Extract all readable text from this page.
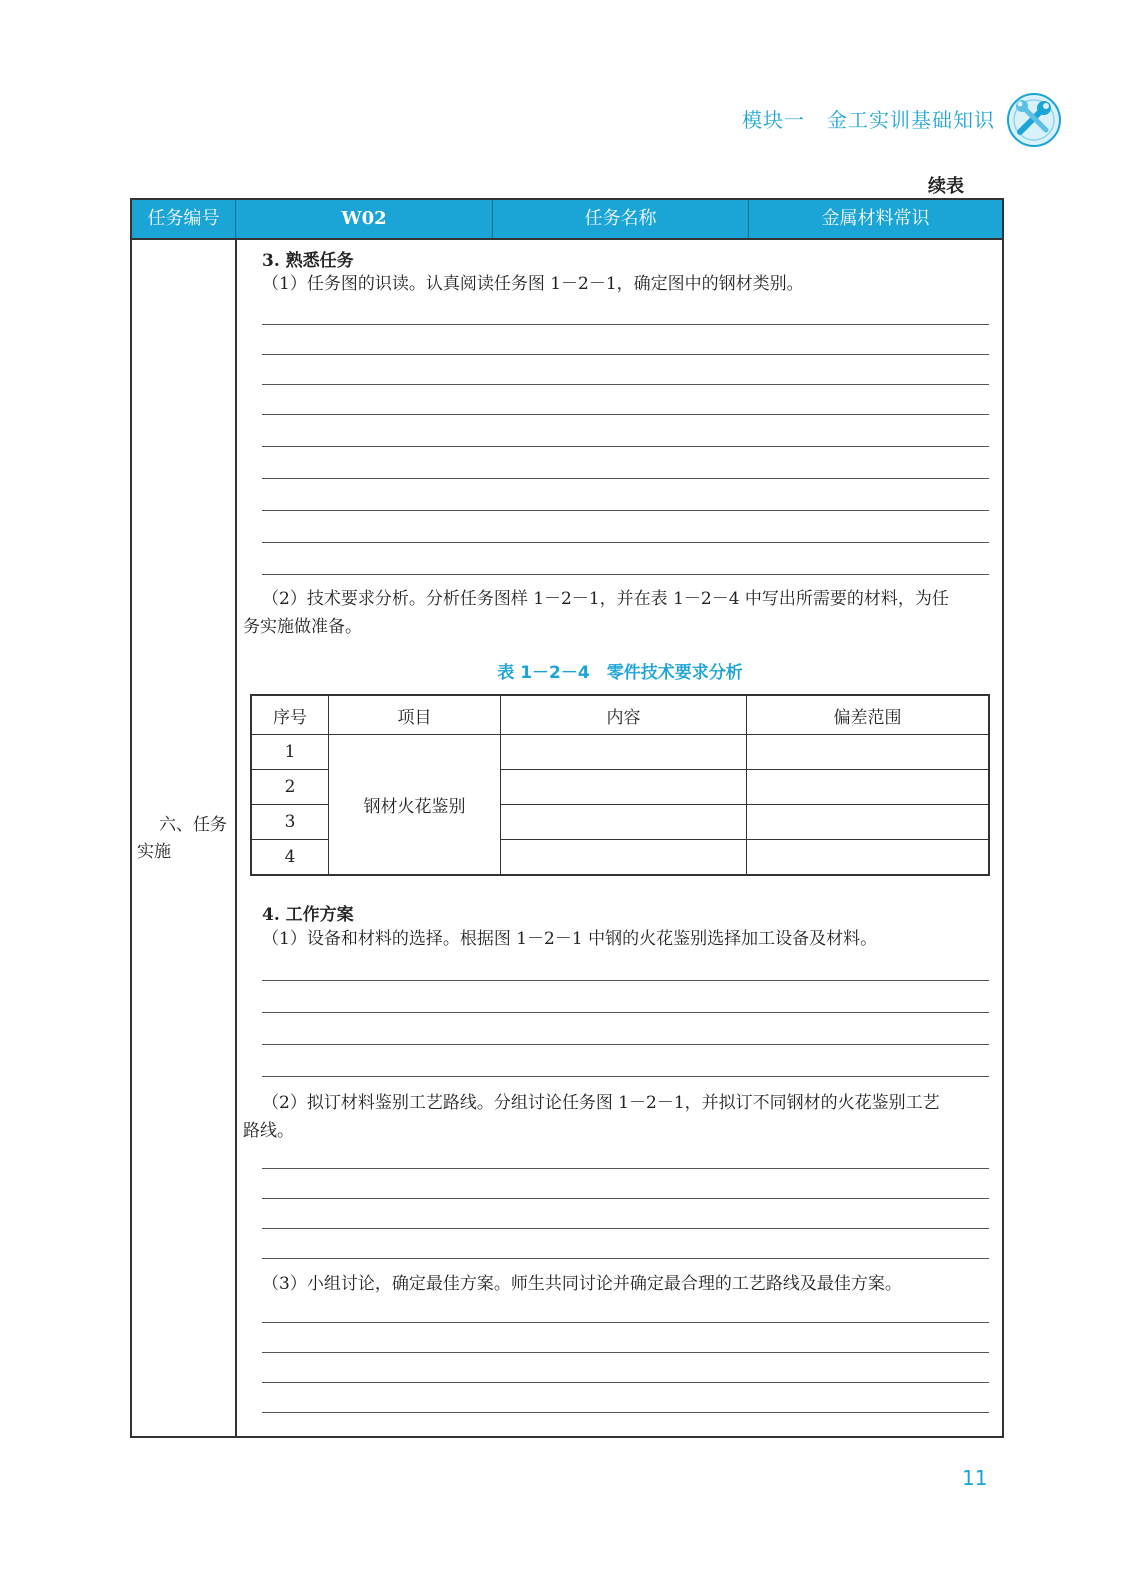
模块一 金工实训基础知识
续表
任务编号	W02	任务名称	金属材料常识
六、任务
实施
3. 熟悉任务
（1）任务图的识读。认真阅读任务图 1－2－1，确定图中的钢材类别。
（2）技术要求分析。分析任务图样 1－2－1，并在表 1－2－4 中写出所需要的材料，为任
务实施做准备。
表 1－2－4　零件技术要求分析
序号	项目	内容	偏差范围
1	钢材火花鉴别		
2			
3			
4			
4. 工作方案
（1）设备和材料的选择。根据图 1－2－1 中钢的火花鉴别选择加工设备及材料。
（2）拟订材料鉴别工艺路线。分组讨论任务图 1－2－1，并拟订不同钢材的火花鉴别工艺
路线。
（3）小组讨论，确定最佳方案。师生共同讨论并确定最合理的工艺路线及最佳方案。
11
